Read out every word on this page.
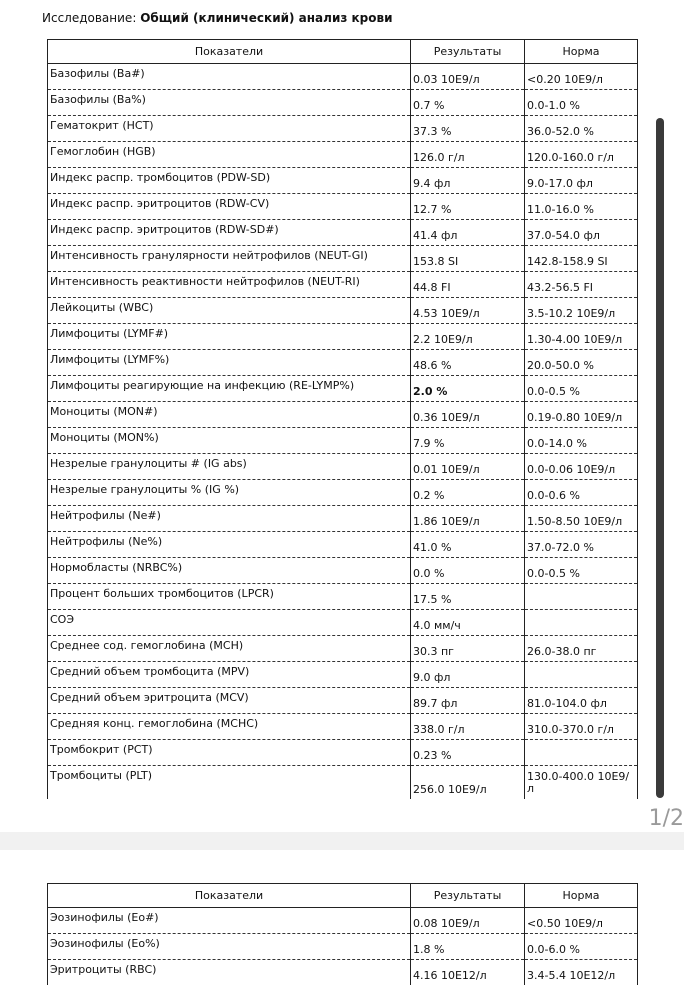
Исследование: Общий (клинический) анализ крови
Показатели	Результаты	Норма
Базофилы (Ba#)	0.03 10E9/л	<0.20 10E9/л
Базофилы (Ba%)	0.7 %	0.0-1.0 %
Гематокрит (HCT)	37.3 %	36.0-52.0 %
Гемоглобин (HGB)	126.0 г/л	120.0-160.0 г/л
Индекс распр. тромбоцитов (PDW-SD)	9.4 фл	9.0-17.0 фл
Индекс распр. эритроцитов (RDW-CV)	12.7 %	11.0-16.0 %
Индекс распр. эритроцитов (RDW-SD#)	41.4 фл	37.0-54.0 фл
Интенсивность гранулярности нейтрофилов (NEUT-GI)	153.8 SI	142.8-158.9 SI
Интенсивность реактивности нейтрофилов (NEUT-RI)	44.8 FI	43.2-56.5 FI
Лейкоциты (WBC)	4.53 10E9/л	3.5-10.2 10E9/л
Лимфоциты (LYMF#)	2.2 10E9/л	1.30-4.00 10E9/л
Лимфоциты (LYMF%)	48.6 %	20.0-50.0 %
Лимфоциты реагирующие на инфекцию (RE-LYMP%)	2.0 %	0.0-0.5 %
Моноциты (MON#)	0.36 10E9/л	0.19-0.80 10E9/л
Моноциты (MON%)	7.9 %	0.0-14.0 %
Незрелые гранулоциты # (IG abs)	0.01 10E9/л	0.0-0.06 10E9/л
Незрелые гранулоциты % (IG %)	0.2 %	0.0-0.6 %
Нейтрофилы (Ne#)	1.86 10E9/л	1.50-8.50 10E9/л
Нейтрофилы (Ne%)	41.0 %	37.0-72.0 %
Нормобласты (NRBC%)	0.0 %	0.0-0.5 %
Процент больших тромбоцитов (LPCR)	17.5 %	
СОЭ	4.0 мм/ч	
Среднее сод. гемоглобина (MCH)	30.3 пг	26.0-38.0 пг
Средний объем тромбоцита (MPV)	9.0 фл	
Средний объем эритроцита (MCV)	89.7 фл	81.0-104.0 фл
Средняя конц. гемоглобина (MCHC)	338.0 г/л	310.0-370.0 г/л
Тромбокрит (PCT)	0.23 %	
Тромбоциты (PLT)	256.0 10E9/л	130.0-400.0 10E9/л
1/2
Показатели	Результаты	Норма
Эозинофилы (Eo#)	0.08 10E9/л	<0.50 10E9/л
Эозинофилы (Eo%)	1.8 %	0.0-6.0 %
Эритроциты (RBC)	4.16 10E12/л	3.4-5.4 10E12/л
